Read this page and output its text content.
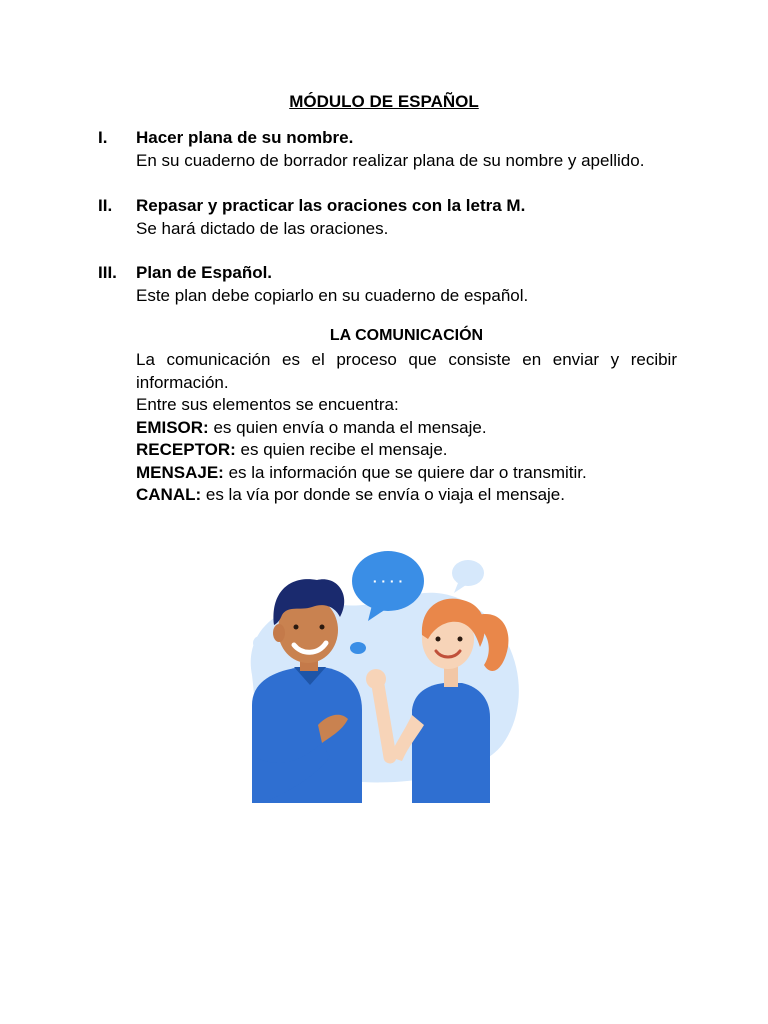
MÓDULO DE ESPAÑOL
I. Hacer plana de su nombre.
En su cuaderno de borrador realizar plana de su nombre y apellido.
II. Repasar y practicar las oraciones con la letra M.
Se hará dictado de las oraciones.
III. Plan de Español.
Este plan debe copiarlo en su cuaderno de español.
LA COMUNICACIÓN
La comunicación es el proceso que consiste en enviar y recibir información.
Entre sus elementos se encuentra:
EMISOR: es quien envía o manda el mensaje.
RECEPTOR: es quien recibe el mensaje.
MENSAJE: es la información que se quiere dar o transmitir.
CANAL: es la vía por donde se envía o viaja el mensaje.
· · · ·
